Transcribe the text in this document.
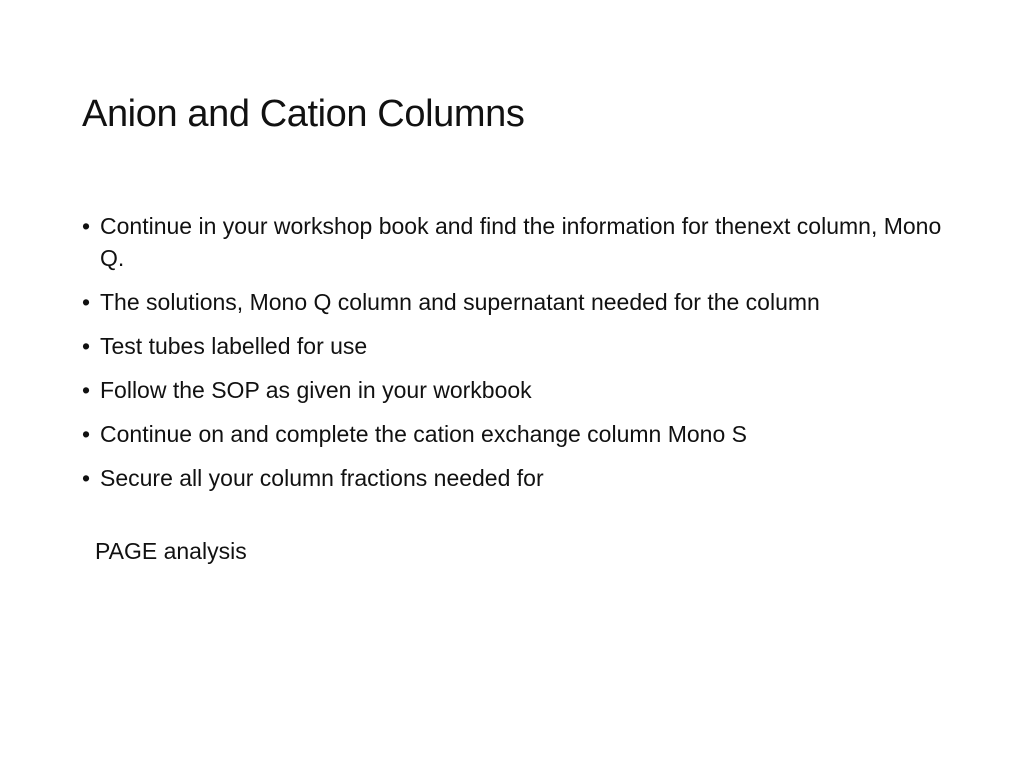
Anion and Cation Columns
• Continue in your workshop book and find the information for thenext column, Mono Q.
• The solutions, Mono Q column and supernatant needed for the column
• Test tubes labelled for use
• Follow the SOP as given in your workbook
• Continue on and complete the cation exchange column Mono S
• Secure all your column fractions needed for
PAGE analysis
